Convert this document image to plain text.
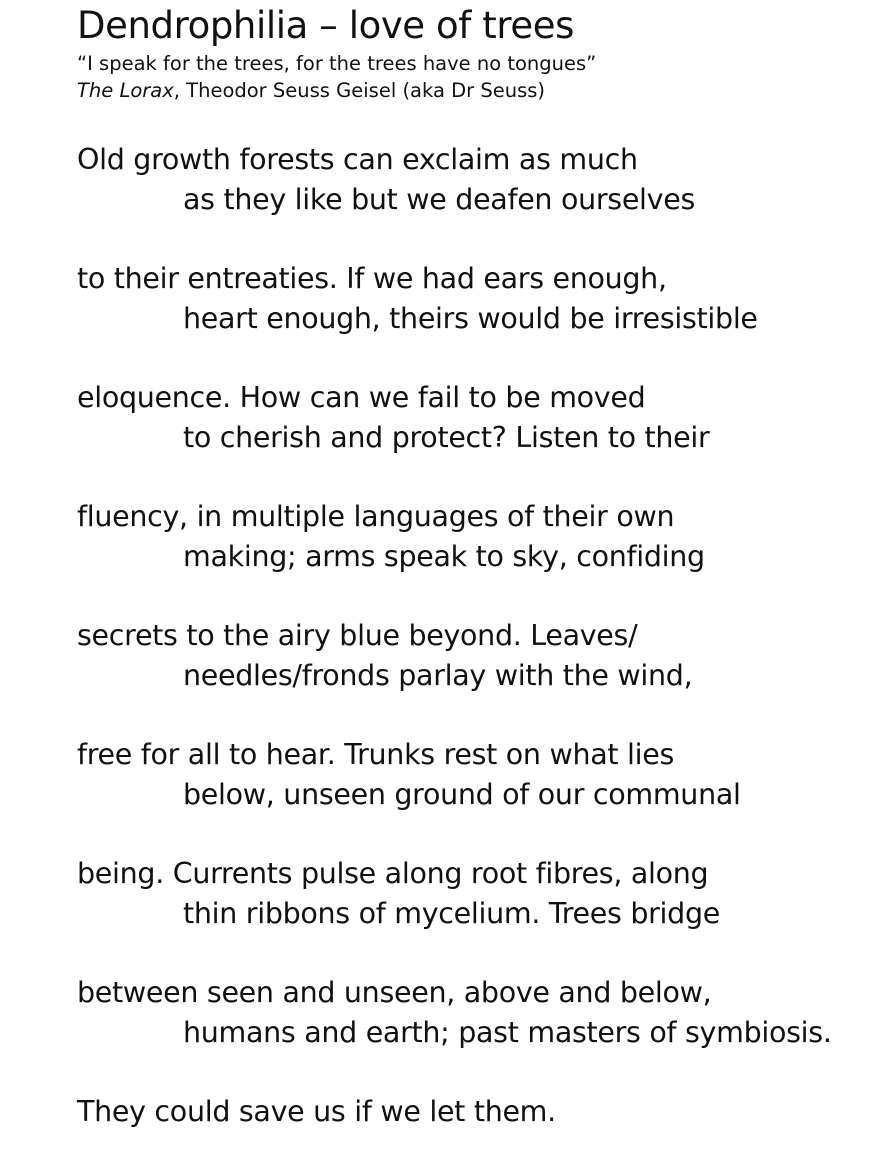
Dendrophilia – love of trees

“I speak for the trees, for the trees have no tongues”

The Lorax, Theodor Seuss Geisel (aka Dr Seuss)

Old growth forests can exclaim as much
as they like but we deafen ourselves
to their entreaties. If we had ears enough,
heart enough, theirs would be irresistible
eloquence. How can we fail to be moved
to cherish and protect? Listen to their
fluency, in multiple languages of their own
making; arms speak to sky, confiding
secrets to the airy blue beyond. Leaves/
needles/fronds parlay with the wind,
free for all to hear. Trunks rest on what lies
below, unseen ground of our communal
being. Currents pulse along root fibres, along
thin ribbons of mycelium. Trees bridge
between seen and unseen, above and below,
humans and earth; past masters of symbiosis.
They could save us if we let them.
